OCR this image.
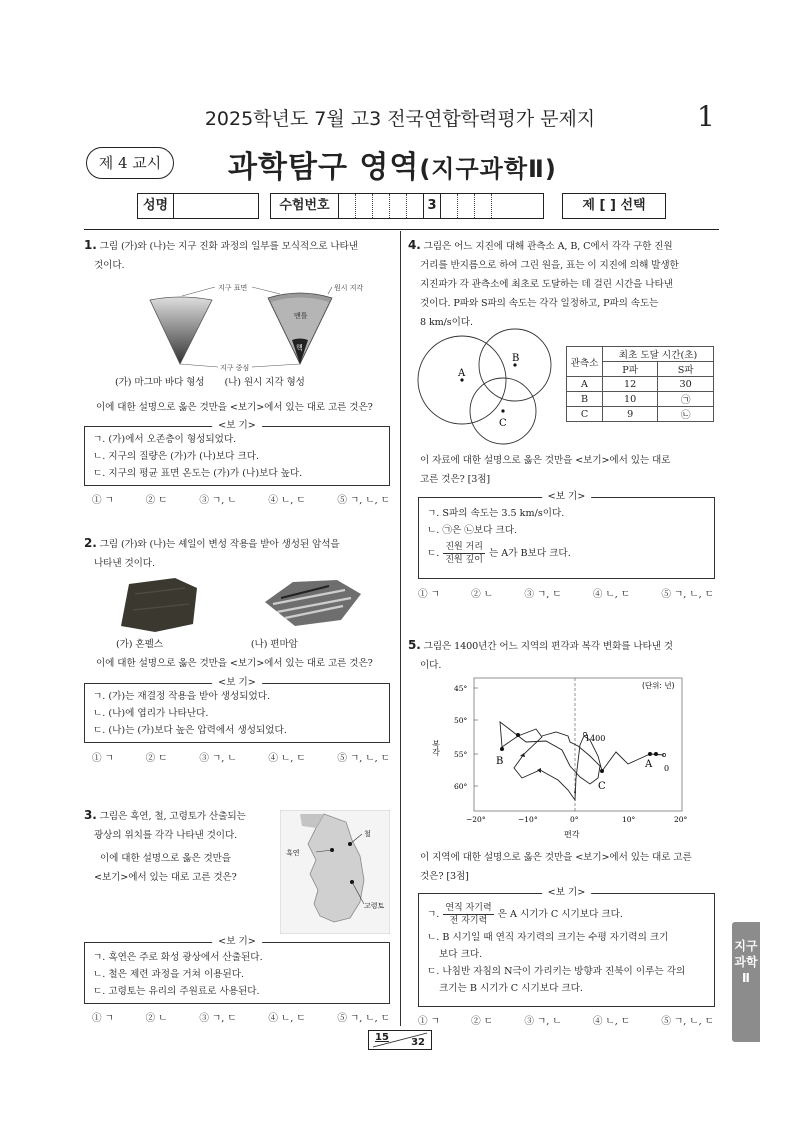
2025학년도 7월 고3 전국연합학력평가 문제지	1
제 4 교시	과학탐구 영역(지구과학Ⅱ)
성명	수험번호	3	제 [ ] 선택
1. 그림 (가)와 (나)는 지구 진화 과정의 일부를 모식적으로 나타낸
것이다.
맨틀
핵
지구 표면	원시 지각
지구 중심
(가) 마그마 바다 형성 (나) 원시 지각 형성
이에 대한 설명으로 옳은 것만을 <보기>에서 있는 대로 고른 것은?
<보 기>
ㄱ. (가)에서 오존층이 형성되었다.
ㄴ. 지구의 질량은 (가)가 (나)보다 크다.
ㄷ. 지구의 평균 표면 온도는 (가)가 (나)보다 높다.
① ㄱ	② ㄷ	③ ㄱ, ㄴ	④ ㄴ, ㄷ	⑤ ㄱ, ㄴ, ㄷ
2. 그림 (가)와 (나)는 셰일이 변성 작용을 받아 생성된 암석을
나타낸 것이다.
(가) 혼펠스	(나) 편마암
이에 대한 설명으로 옳은 것만을 <보기>에서 있는 대로 고른 것은?
<보 기>
ㄱ. (가)는 재결정 작용을 받아 생성되었다.
ㄴ. (나)에 엽리가 나타난다.
ㄷ. (나)는 (가)보다 높은 압력에서 생성되었다.
① ㄱ	② ㄷ	③ ㄱ, ㄴ	④ ㄴ, ㄷ	⑤ ㄱ, ㄴ, ㄷ
3. 그림은 흑연, 철, 고령토가 산출되는
광상의 위치를 각각 나타낸 것이다.
이에 대한 설명으로 옳은 것만을
<보기>에서 있는 대로 고른 것은?
흑연
철
고령토
<보 기>
ㄱ. 흑연은 주로 화성 광상에서 산출된다.
ㄴ. 철은 제련 과정을 거쳐 이용된다.
ㄷ. 고령토는 유리의 주원료로 사용된다.
① ㄱ	② ㄴ	③ ㄱ, ㄷ	④ ㄴ, ㄷ	⑤ ㄱ, ㄴ, ㄷ
4. 그림은 어느 지진에 대해 관측소 A, B, C에서 각각 구한 진원
거리를 반지름으로 하여 그린 원을, 표는 이 지진에 의해 발생한
지진파가 각 관측소에 최초로 도달하는 데 걸린 시간을 나타낸
것이다. P파와 S파의 속도는 각각 일정하고, P파의 속도는
8 km/s이다.
A
B
C
관측소	최초 도달 시간(초)	
	P파	S파
A	12	30
B	10	㉠
C	9	㉡
이 자료에 대한 설명으로 옳은 것만을 <보기>에서 있는 대로
고른 것은? [3점]
<보 기>
ㄱ. S파의 속도는 3.5 km/s이다.
ㄴ. ㉠은 ㉡보다 크다.
ㄷ.
진원 거리
진원 깊이
는 A가 B보다 크다.
① ㄱ	② ㄴ	③ ㄱ, ㄷ	④ ㄴ, ㄷ	⑤ ㄱ, ㄴ, ㄷ
5. 그림은 1400년간 어느 지역의 편각과 복각 변화를 나타낸 것
이다.
−20°	−10°	0°	10°	20°
45°
50°
55°
60°
(단위: 년)
1400
0
A
B
C
편각
복각
이 지역에 대한 설명으로 옳은 것만을 <보기>에서 있는 대로 고른
것은? [3점]
<보 기>
ㄱ.
연직 자기력
전 자기력
은 A 시기가 C 시기보다 크다.
ㄴ. B 시기일 때 연직 자기력의 크기는 수평 자기력의 크기
보다 크다.
ㄷ. 나침반 자침의 N극이 가리키는 방향과 진북이 이루는 각의
크기는 B 시기가 C 시기보다 크다.
① ㄱ	② ㄷ	③ ㄱ, ㄴ	④ ㄴ, ㄷ	⑤ ㄱ, ㄴ, ㄷ
15 32
지구과학Ⅱ
